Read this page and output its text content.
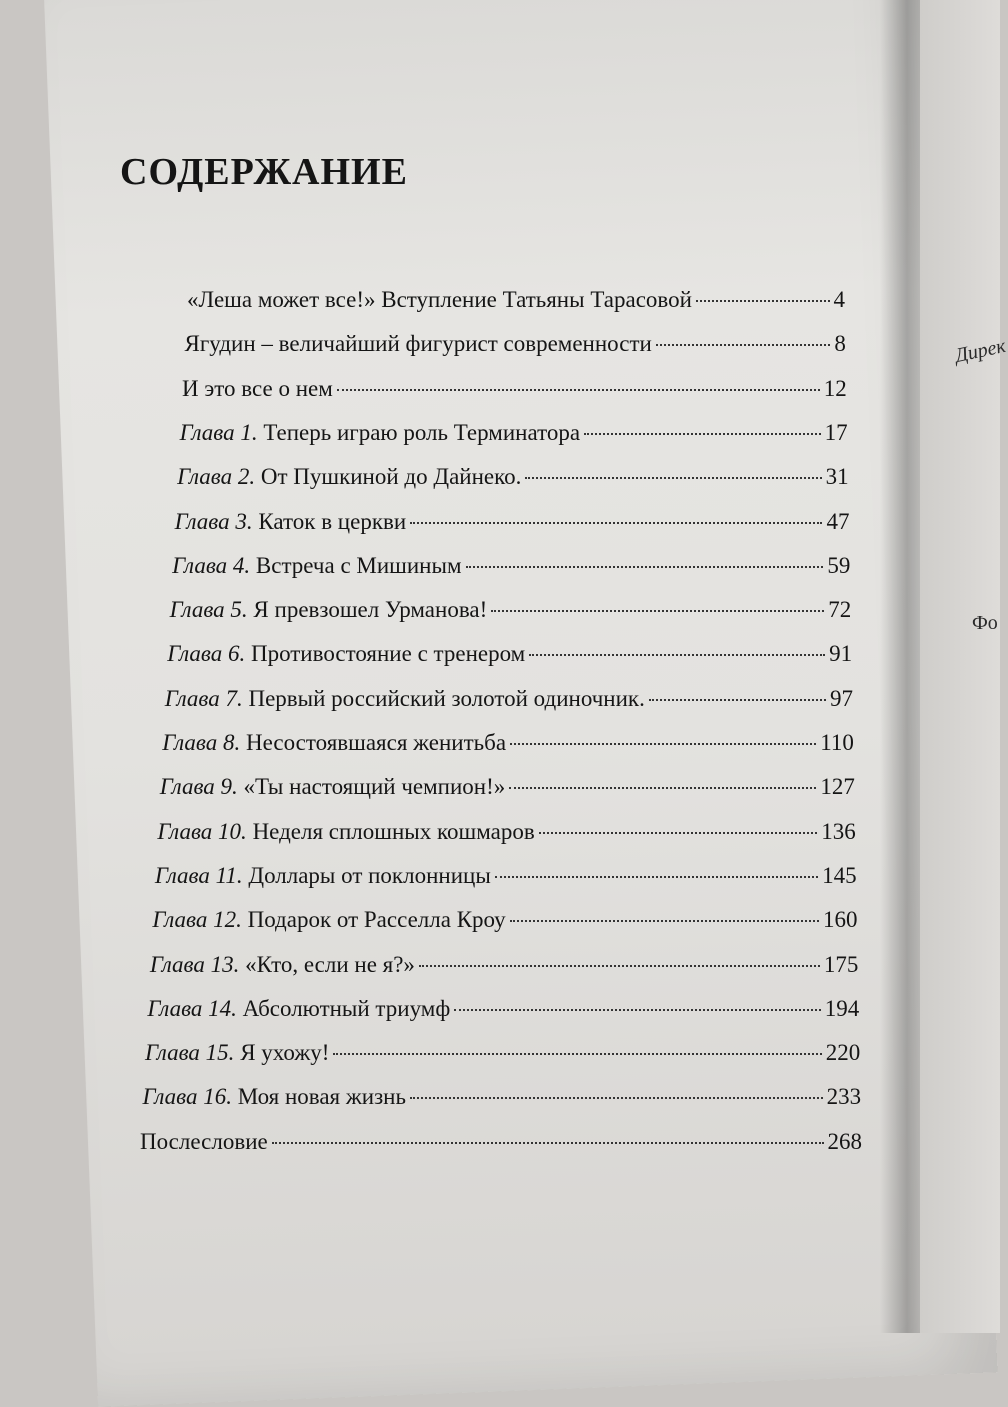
Дирек
Фо
СОДЕРЖАНИЕ
«Леша может все!» Вступление Татьяны Тарасовой	4
Ягудин – величайший фигурист современности	8
И это все о нем	12
Глава 1. Теперь играю роль Терминатора	17
Глава 2. От Пушкиной до Дайнеко.	31
Глава 3. Каток в церкви	47
Глава 4. Встреча с Мишиным	59
Глава 5. Я превзошел Урманова!	72
Глава 6. Противостояние с тренером	91
Глава 7. Первый российский золотой одиночник.	97
Глава 8. Несостоявшаяся женитьба	110
Глава 9. «Ты настоящий чемпион!»	127
Глава 10. Неделя сплошных кошмаров	136
Глава 11. Доллары от поклонницы	145
Глава 12. Подарок от Расселла Кроу	160
Глава 13. «Кто, если не я?»	175
Глава 14. Абсолютный триумф	194
Глава 15. Я ухожу!	220
Глава 16. Моя новая жизнь	233
Послесловие	268
